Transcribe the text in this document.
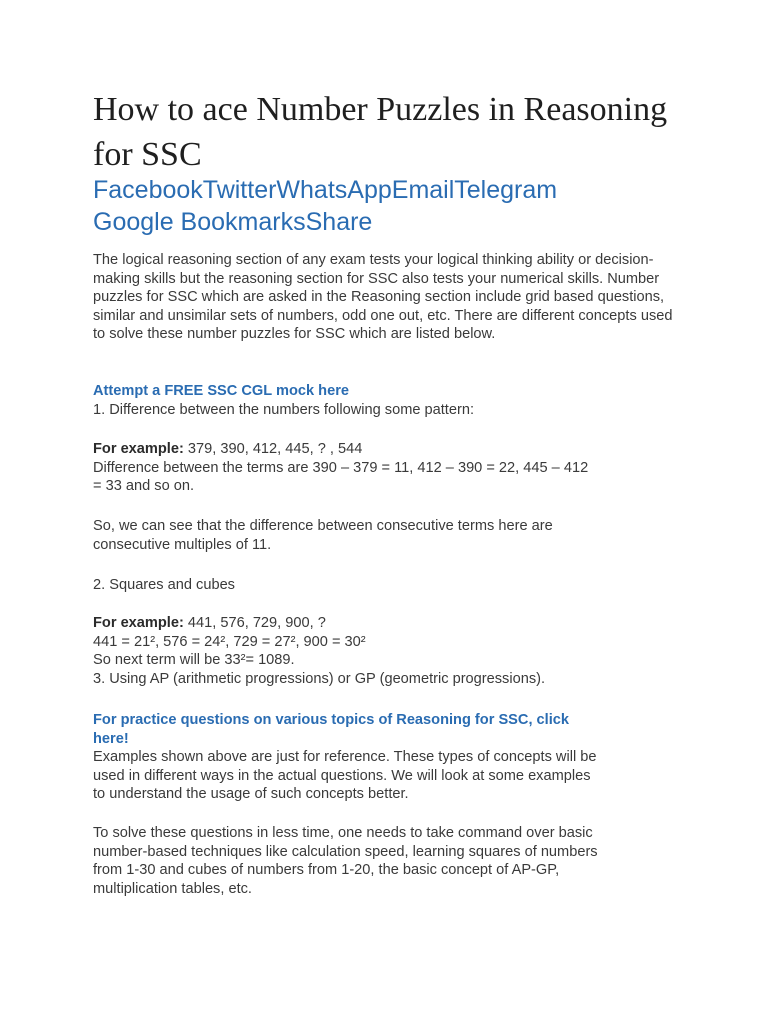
How to ace Number Puzzles in Reasoning for SSC
FacebookTwitterWhatsAppEmailTelegram
Google BookmarksShare

The logical reasoning section of any exam tests your logical thinking ability or decision-making skills but the reasoning section for SSC also tests your numerical skills. Number puzzles for SSC which are asked in the Reasoning section include grid based questions, similar and unsimilar sets of numbers, odd one out, etc. There are different concepts used to solve these number puzzles for SSC which are listed below.

Attempt a FREE SSC CGL mock here
1. Difference between the numbers following some pattern:

For example: 379, 390, 412, 445, ? , 544
Difference between the terms are 390 – 379 = 11, 412 – 390 = 22, 445 – 412
= 33 and so on.

So, we can see that the difference between consecutive terms here are
consecutive multiples of 11.

2. Squares and cubes

For example: 441, 576, 729, 900, ?
441 = 21², 576 = 24², 729 = 27², 900 = 30²
So next term will be 33²= 1089.
3. Using AP (arithmetic progressions) or GP (geometric progressions).

For practice questions on various topics of Reasoning for SSC, click
here!
Examples shown above are just for reference. These types of concepts will be
used in different ways in the actual questions. We will look at some examples
to understand the usage of such concepts better.

To solve these questions in less time, one needs to take command over basic
number-based techniques like calculation speed, learning squares of numbers
from 1-30 and cubes of numbers from 1-20, the basic concept of AP-GP,
multiplication tables, etc.
